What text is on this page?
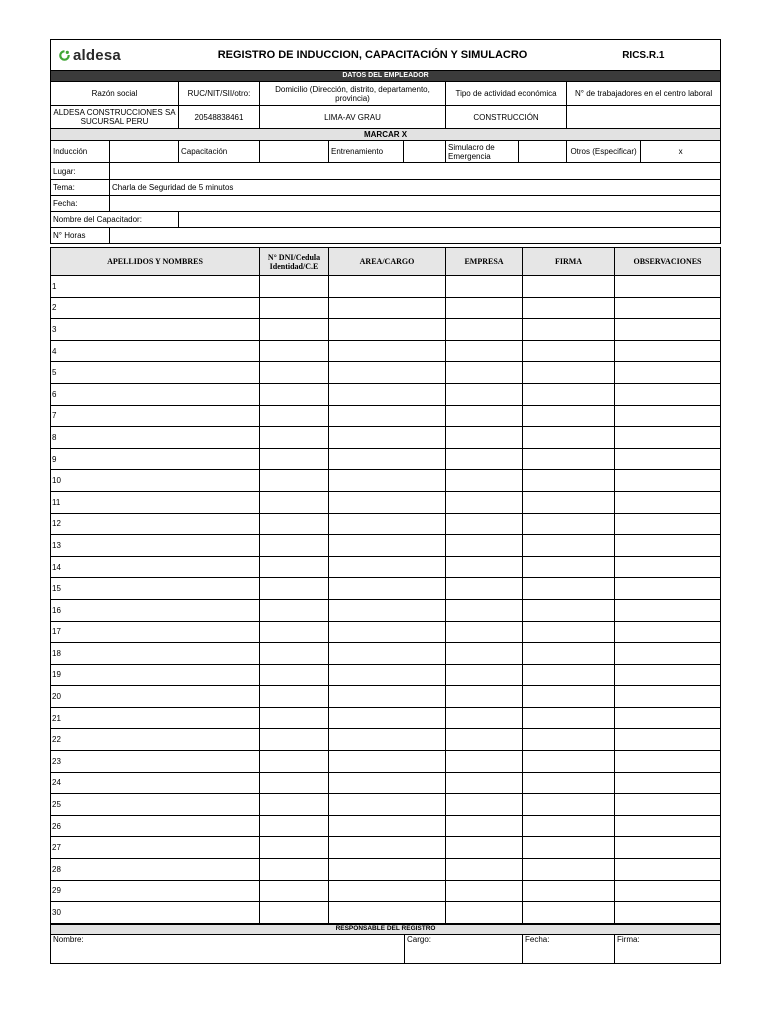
aldesa		REGISTRO DE INDUCCION, CAPACITACIÓN Y SIMULACRO						RICS.R.1	
DATOS DEL EMPLEADOR									
Razón social		RUC/NIT/SII/otro:	Domicilio (Dirección, distrito, departamento, provincia)			Tipo de actividad económica		N° de trabajadores en el centro laboral	
ALDESA CONSTRUCCIONES SA SUCURSAL PERU		20548838461	LIMA-AV GRAU			CONSTRUCCIÓN			
MARCAR X									
Inducción		Capacitación		Entrenamiento		Simulacro de Emergencia		Otros (Especificar)	x
Lugar:									
Tema:	Charla de Seguridad de 5 minutos								
Fecha:									
Nombre del Capacitador:									
N° Horas									
APELLIDOS Y NOMBRES	N° DNI/Cedula Identidad/C.E	AREA/CARGO	EMPRESA	FIRMA	OBSERVACIONES
1					
2					
3					
4					
5					
6					
7					
8					
9					
10					
11					
12					
13					
14					
15					
16					
17					
18					
19					
20					
21					
22					
23					
24					
25					
26					
27					
28					
29					
30					
RESPONSABLE DEL REGISTRO
Nombre:	Cargo:	Fecha:	Firma:
